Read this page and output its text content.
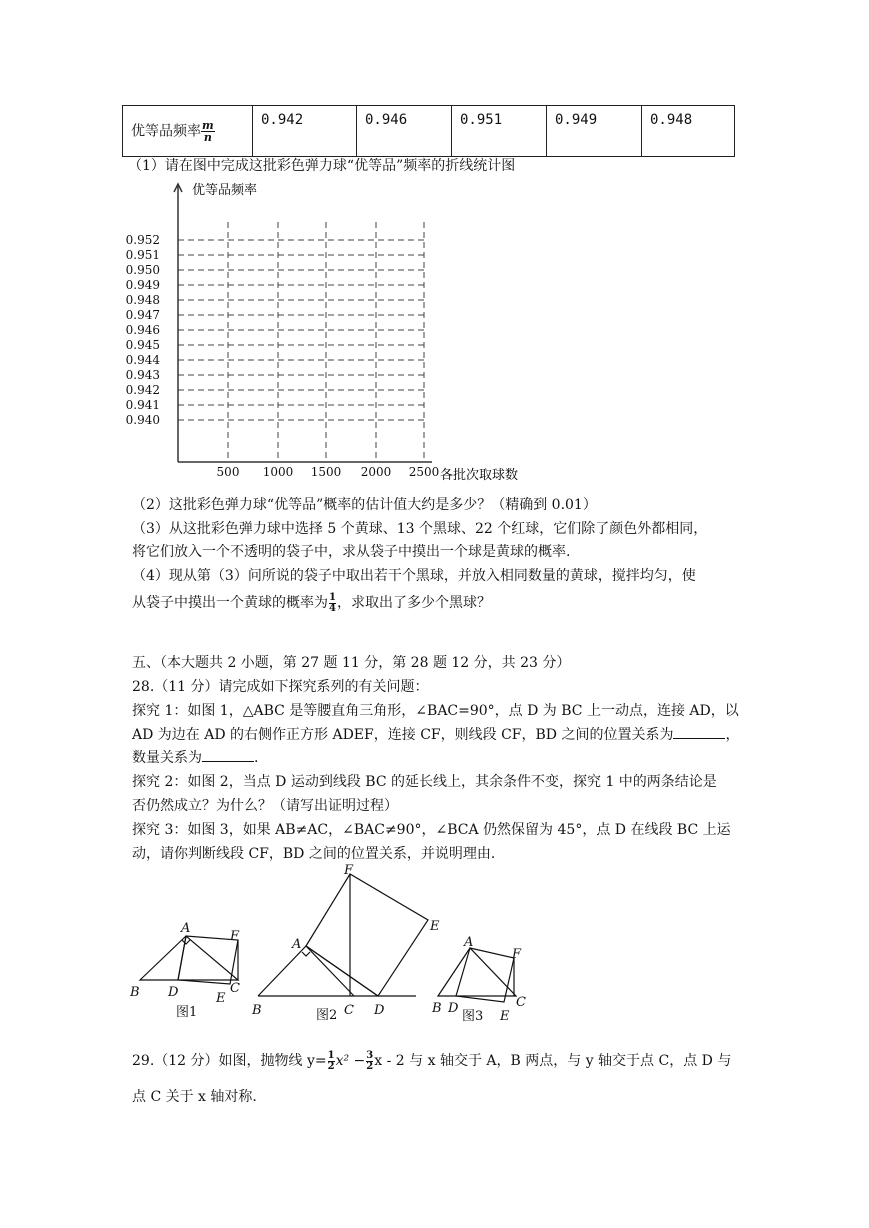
优等品频率 $\frac{m}{n}$	0.942	0.946	0.951	0.949	0.948
（1）请在图中完成这批彩色弹力球“优等品”频率的折线统计图
0.952
0.951
0.950
0.949
0.948
0.947
0.946
0.945
0.944
0.943
0.942
0.941
0.940
500 1000 1500 2000 2500
优等品频率
各批次取球数
（2）这批彩色弹力球“优等品”概率的估计值大约是多少？（精确到 0.01）
（3）从这批彩色弹力球中选择 5 个黄球、13 个黑球、22 个红球，它们除了颜色外都相同，
将它们放入一个不透明的袋子中，求从袋子中摸出一个球是黄球的概率.
（4）现从第（3）问所说的袋子中取出若干个黑球，并放入相同数量的黄球，搅拌均匀，使
从袋子中摸出一个黄球的概率为 $\frac{1}{4}$ ，求取出了多少个黑球？
五、（本大题共 2 小题，第 27 题 11 分，第 28 题 12 分，共 23 分）
28.（11 分）请完成如下探究系列的有关问题：
探究 1：如图 1，△ABC 是等腰直角三角形，∠BAC=90°，点 D 为 BC 上一动点，连接 AD，以
AD 为边在 AD 的右侧作正方形 ADEF，连接 CF，则线段 CF，BD 之间的位置关系为	，
数量关系为	.
探究 2：如图 2，当点 D 运动到线段 BC 的延长线上，其余条件不变，探究 1 中的两条结论是
否仍然成立？为什么？（请写出证明过程）
探究 3：如图 3，如果 AB≠AC，∠BAC≠90°，∠BCA 仍然保留为 45°，点 D 在线段 BC 上运
动，请你判断线段 CF，BD 之间的位置关系，并说明理由.
A
B	C
D	E
F
图1
A
B	C D
E
F
图2
A
B	C
D
E
F
图3
29.（12 分）如图，抛物线 $y= \frac{1}{2} x^2 - \frac{3}{2}$ x - 2 与 x 轴交于 A，B 两点，与 y 轴交于点 C，点 D 与
点 C 关于 x 轴对称.
